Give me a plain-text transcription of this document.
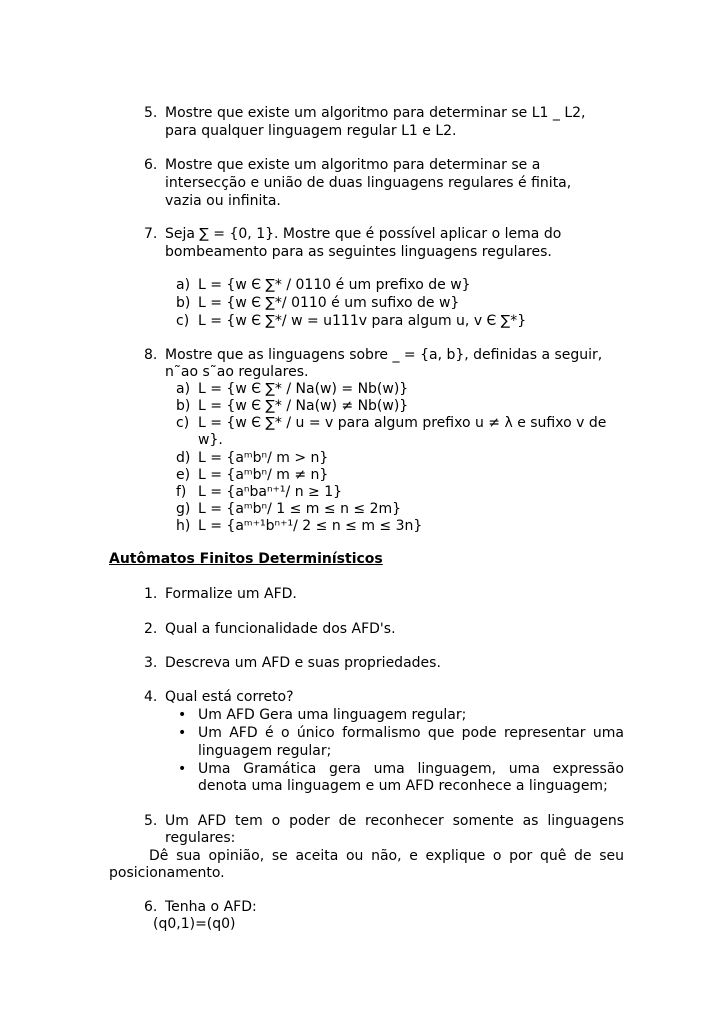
5. Mostre que existe um algoritmo para determinar se L1 _ L2,
para qualquer linguagem regular L1 e L2.
6. Mostre que existe um algoritmo para determinar se a
intersecção e união de duas linguagens regulares é finita,
vazia ou infinita.
7. Seja ∑ = {0, 1}. Mostre que é possível aplicar o lema do
bombeamento para as seguintes linguagens regulares.
a) L = {w Є ∑* / 0110 é um prefixo de w}
b) L = {w Є ∑*/ 0110 é um sufixo de w}
c) L = {w Є ∑*/ w = u111v para algum u, v Є ∑*}
8. Mostre que as linguagens sobre _ = {a, b}, definidas a seguir,
n˜ao s˜ao regulares.
a) L = {w Є ∑* / Na(w) = Nb(w)}
b) L = {w Є ∑* / Na(w) ≠ Nb(w)}
c) L = {w Є ∑* / u = v para algum prefixo u ≠ λ e sufixo v de
w}.
d) L = {aᵐbⁿ/ m > n}
e) L = {aᵐbⁿ/ m ≠ n}
f) L = {aⁿbaⁿ⁺¹/ n ≥ 1}
g) L = {aᵐbⁿ/ 1 ≤ m ≤ n ≤ 2m}
h) L = {aᵐ⁺¹bⁿ⁺¹/ 2 ≤ n ≤ m ≤ 3n}
Autômatos Finitos Determinísticos
1. Formalize um AFD.
2. Qual a funcionalidade dos AFD's.
3. Descreva um AFD e suas propriedades.
4. Qual está correto?
• Um AFD Gera uma linguagem regular;
• Um AFD é o único formalismo que pode representar uma
linguagem regular;
• Uma Gramática gera uma linguagem, uma expressão
denota uma linguagem e um AFD reconhece a linguagem;
5. Um AFD tem o poder de reconhecer somente as linguagens
regulares:
Dê sua opinião, se aceita ou não, e explique o por quê de seu
posicionamento.
6. Tenha o AFD:
(q0,1)=(q0)
